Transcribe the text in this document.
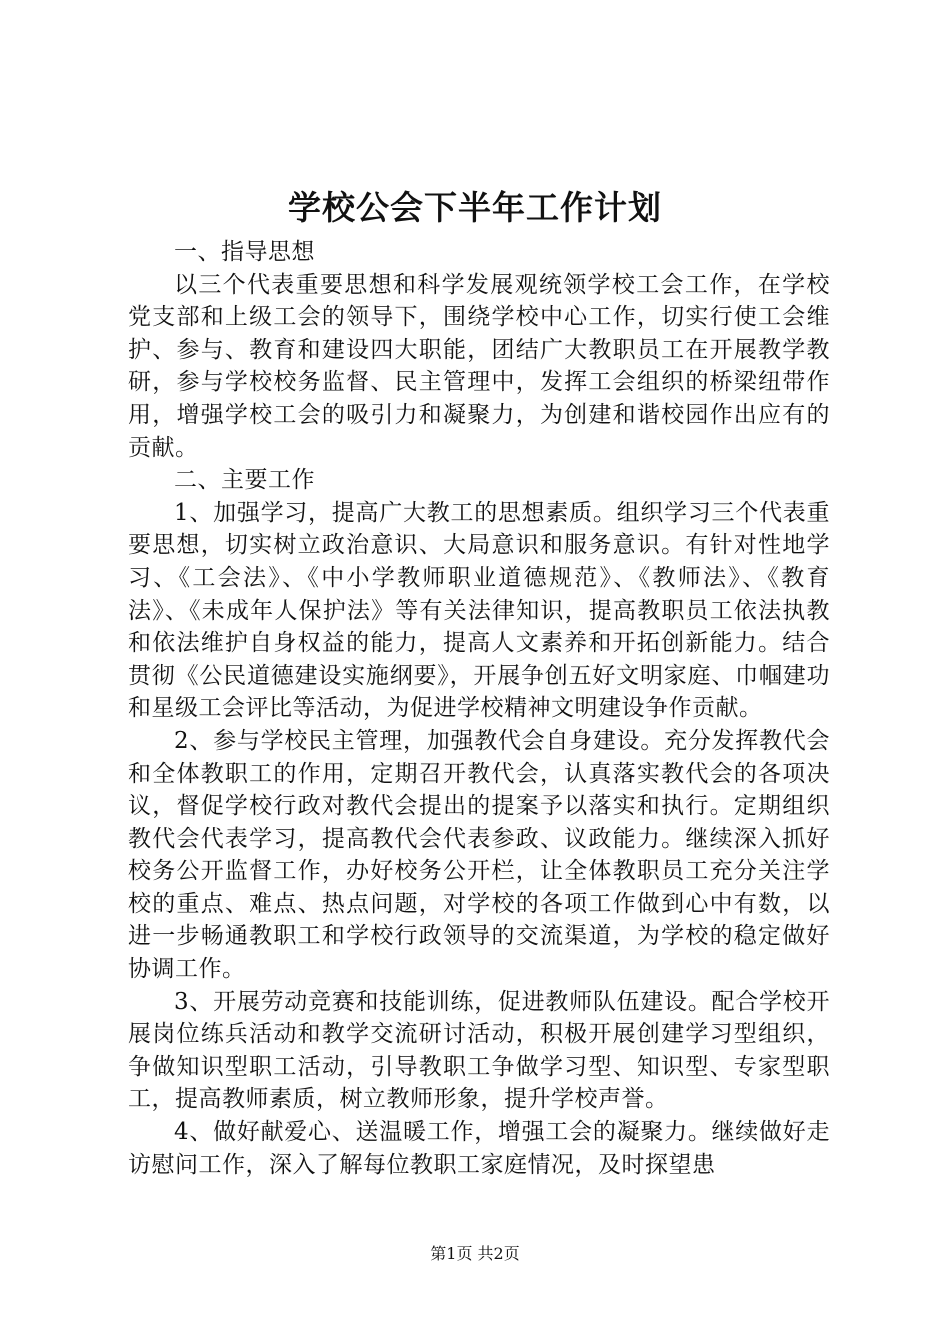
学校公会下半年工作计划

一、指导思想

以三个代表重要思想和科学发展观统领学校工会工作，在学校党支部和上级工会的领导下，围绕学校中心工作，切实行使工会维护、参与、教育和建设四大职能，团结广大教职员工在开展教学教研，参与学校校务监督、民主管理中，发挥工会组织的桥梁纽带作用，增强学校工会的吸引力和凝聚力，为创建和谐校园作出应有的贡献。

二、主要工作

1、加强学习，提高广大教工的思想素质。组织学习三个代表重要思想，切实树立政治意识、大局意识和服务意识。有针对性地学习、《工会法》、《中小学教师职业道德规范》、《教师法》、《教育法》、《未成年人保护法》等有关法律知识，提高教职员工依法执教和依法维护自身权益的能力，提高人文素养和开拓创新能力。结合贯彻《公民道德建设实施纲要》，开展争创五好文明家庭、巾帼建功和星级工会评比等活动，为促进学校精神文明建设争作贡献。

2、参与学校民主管理，加强教代会自身建设。充分发挥教代会和全体教职工的作用，定期召开教代会，认真落实教代会的各项决议，督促学校行政对教代会提出的提案予以落实和执行。定期组织教代会代表学习，提高教代会代表参政、议政能力。继续深入抓好校务公开监督工作，办好校务公开栏，让全体教职员工充分关注学校的重点、难点、热点问题，对学校的各项工作做到心中有数，以进一步畅通教职工和学校行政领导的交流渠道，为学校的稳定做好协调工作。

3、开展劳动竞赛和技能训练，促进教师队伍建设。配合学校开展岗位练兵活动和教学交流研讨活动，积极开展创建学习型组织，争做知识型职工活动，引导教职工争做学习型、知识型、专家型职工，提高教师素质，树立教师形象，提升学校声誉。

4、做好献爱心、送温暖工作，增强工会的凝聚力。继续做好走访慰问工作，深入了解每位教职工家庭情况，及时探望患

第1页 共2页
